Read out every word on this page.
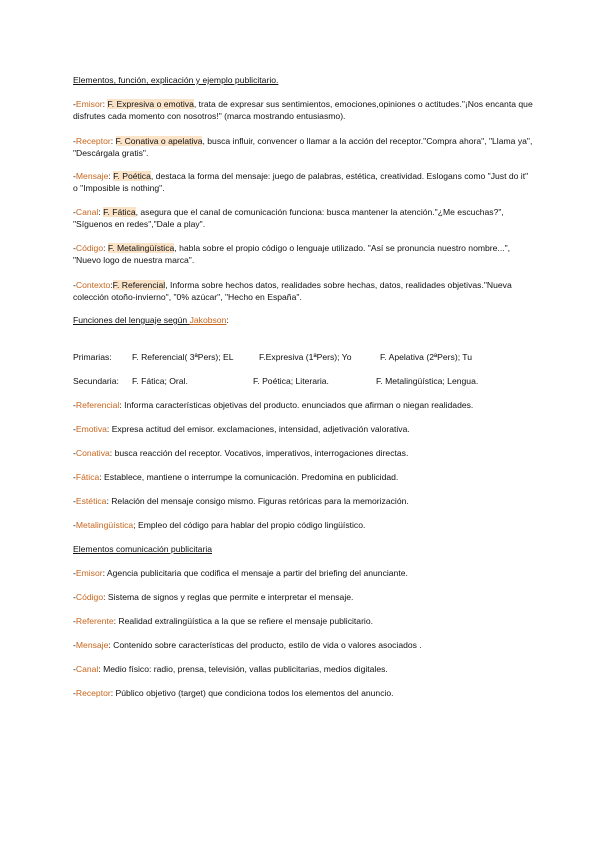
Elementos, función, explicación y ejemplo publicitario.
-Emisor: F. Expresiva o emotiva, trata de expresar sus sentimientos, emociones,opiniones o actitudes."¡Nos encanta que disfrutes cada momento con nosotros!" (marca mostrando entusiasmo).
-Receptor: F. Conativa o apelativa, busca influir, convencer o llamar a la acción del receptor."Compra ahora", "Llama ya", "Descárgala gratis".
-Mensaje: F. Poética, destaca la forma del mensaje: juego de palabras, estética, creatividad. Eslogans como "Just do it" o "Imposible is nothing".
-Canal: F. Fática, asegura que el canal de comunicación funciona: busca mantener la atención."¿Me escuchas?", "Síguenos en redes","Dale a play".
-Código: F. Metalingüística, habla sobre el propio código o lenguaje utilizado. "Así se pronuncia nuestro nombre...", "Nuevo logo de nuestra marca".
-Contexto:F. Referencial, Informa sobre hechos datos, realidades sobre hechas, datos, realidades objetivas."Nueva colección otoño-invierno", "0% azúcar", "Hecho en España".
Funciones del lenguaje según Jakobson:
Primarias: F. Referencial( 3ªPers); EL	F.Expresiva (1ªPers); Yo	F. Apelativa (2ªPers); Tu
Secundaria: F. Fática; Oral.	F. Poética; Literaria.	F. Metalingüística; Lengua.
-Referencial: Informa características objetivas del producto. enunciados que afirman o niegan realidades.
-Emotiva: Expresa actitud del emisor. exclamaciones, intensidad, adjetivación valorativa.
-Conativa: busca reacción del receptor. Vocativos, imperativos, interrogaciones directas.
-Fática: Establece, mantiene o interrumpe la comunicación. Predomina en publicidad.
-Estética: Relación del mensaje consigo mismo. Figuras retóricas para la memorización.
-Metalingüística; Empleo del código para hablar del propio código lingüístico.
Elementos comunicación publicitaria
-Emisor: Agencia publicitaria que codifica el mensaje a partir del briefing del anunciante.
-Código: Sistema de signos y reglas que permite e interpretar el mensaje.
-Referente: Realidad extralingüística a la que se refiere el mensaje publicitario.
-Mensaje: Contenido sobre características del producto, estilo de vida o valores asociados .
-Canal: Medio físico: radio, prensa, televisión, vallas publicitarias, medios digitales.
-Receptor: Público objetivo (target) que condiciona todos los elementos del anuncio.
